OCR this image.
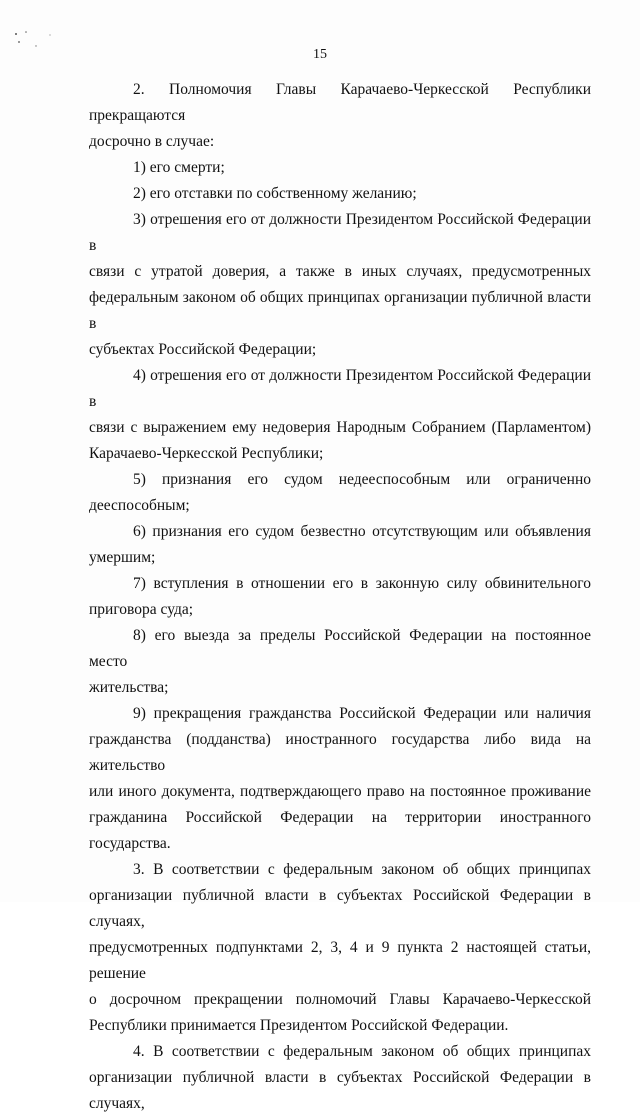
15
2. Полномочия Главы Карачаево-Черкесской Республики прекращаются
досрочно в случае:
1) его смерти;
2) его отставки по собственному желанию;
3) отрешения его от должности Президентом Российской Федерации в
связи с утратой доверия, а также в иных случаях, предусмотренных
федеральным законом об общих принципах организации публичной власти в
субъектах Российской Федерации;
4) отрешения его от должности Президентом Российской Федерации в
связи с выражением ему недоверия Народным Собранием (Парламентом)
Карачаево-Черкесской Республики;
5) признания его судом недееспособным или ограниченно
дееспособным;
6) признания его судом безвестно отсутствующим или объявления
умершим;
7) вступления в отношении его в законную силу обвинительного
приговора суда;
8) его выезда за пределы Российской Федерации на постоянное место
жительства;
9) прекращения гражданства Российской Федерации или наличия
гражданства (подданства) иностранного государства либо вида на жительство
или иного документа, подтверждающего право на постоянное проживание
гражданина Российской Федерации на территории иностранного государства.
3. В соответствии с федеральным законом об общих принципах
организации публичной власти в субъектах Российской Федерации в случаях,
предусмотренных подпунктами 2, 3, 4 и 9 пункта 2 настоящей статьи, решение
о досрочном прекращении полномочий Главы Карачаево-Черкесской
Республики принимается Президентом Российской Федерации.
4. В соответствии с федеральным законом об общих принципах
организации публичной власти в субъектах Российской Федерации в случаях,
